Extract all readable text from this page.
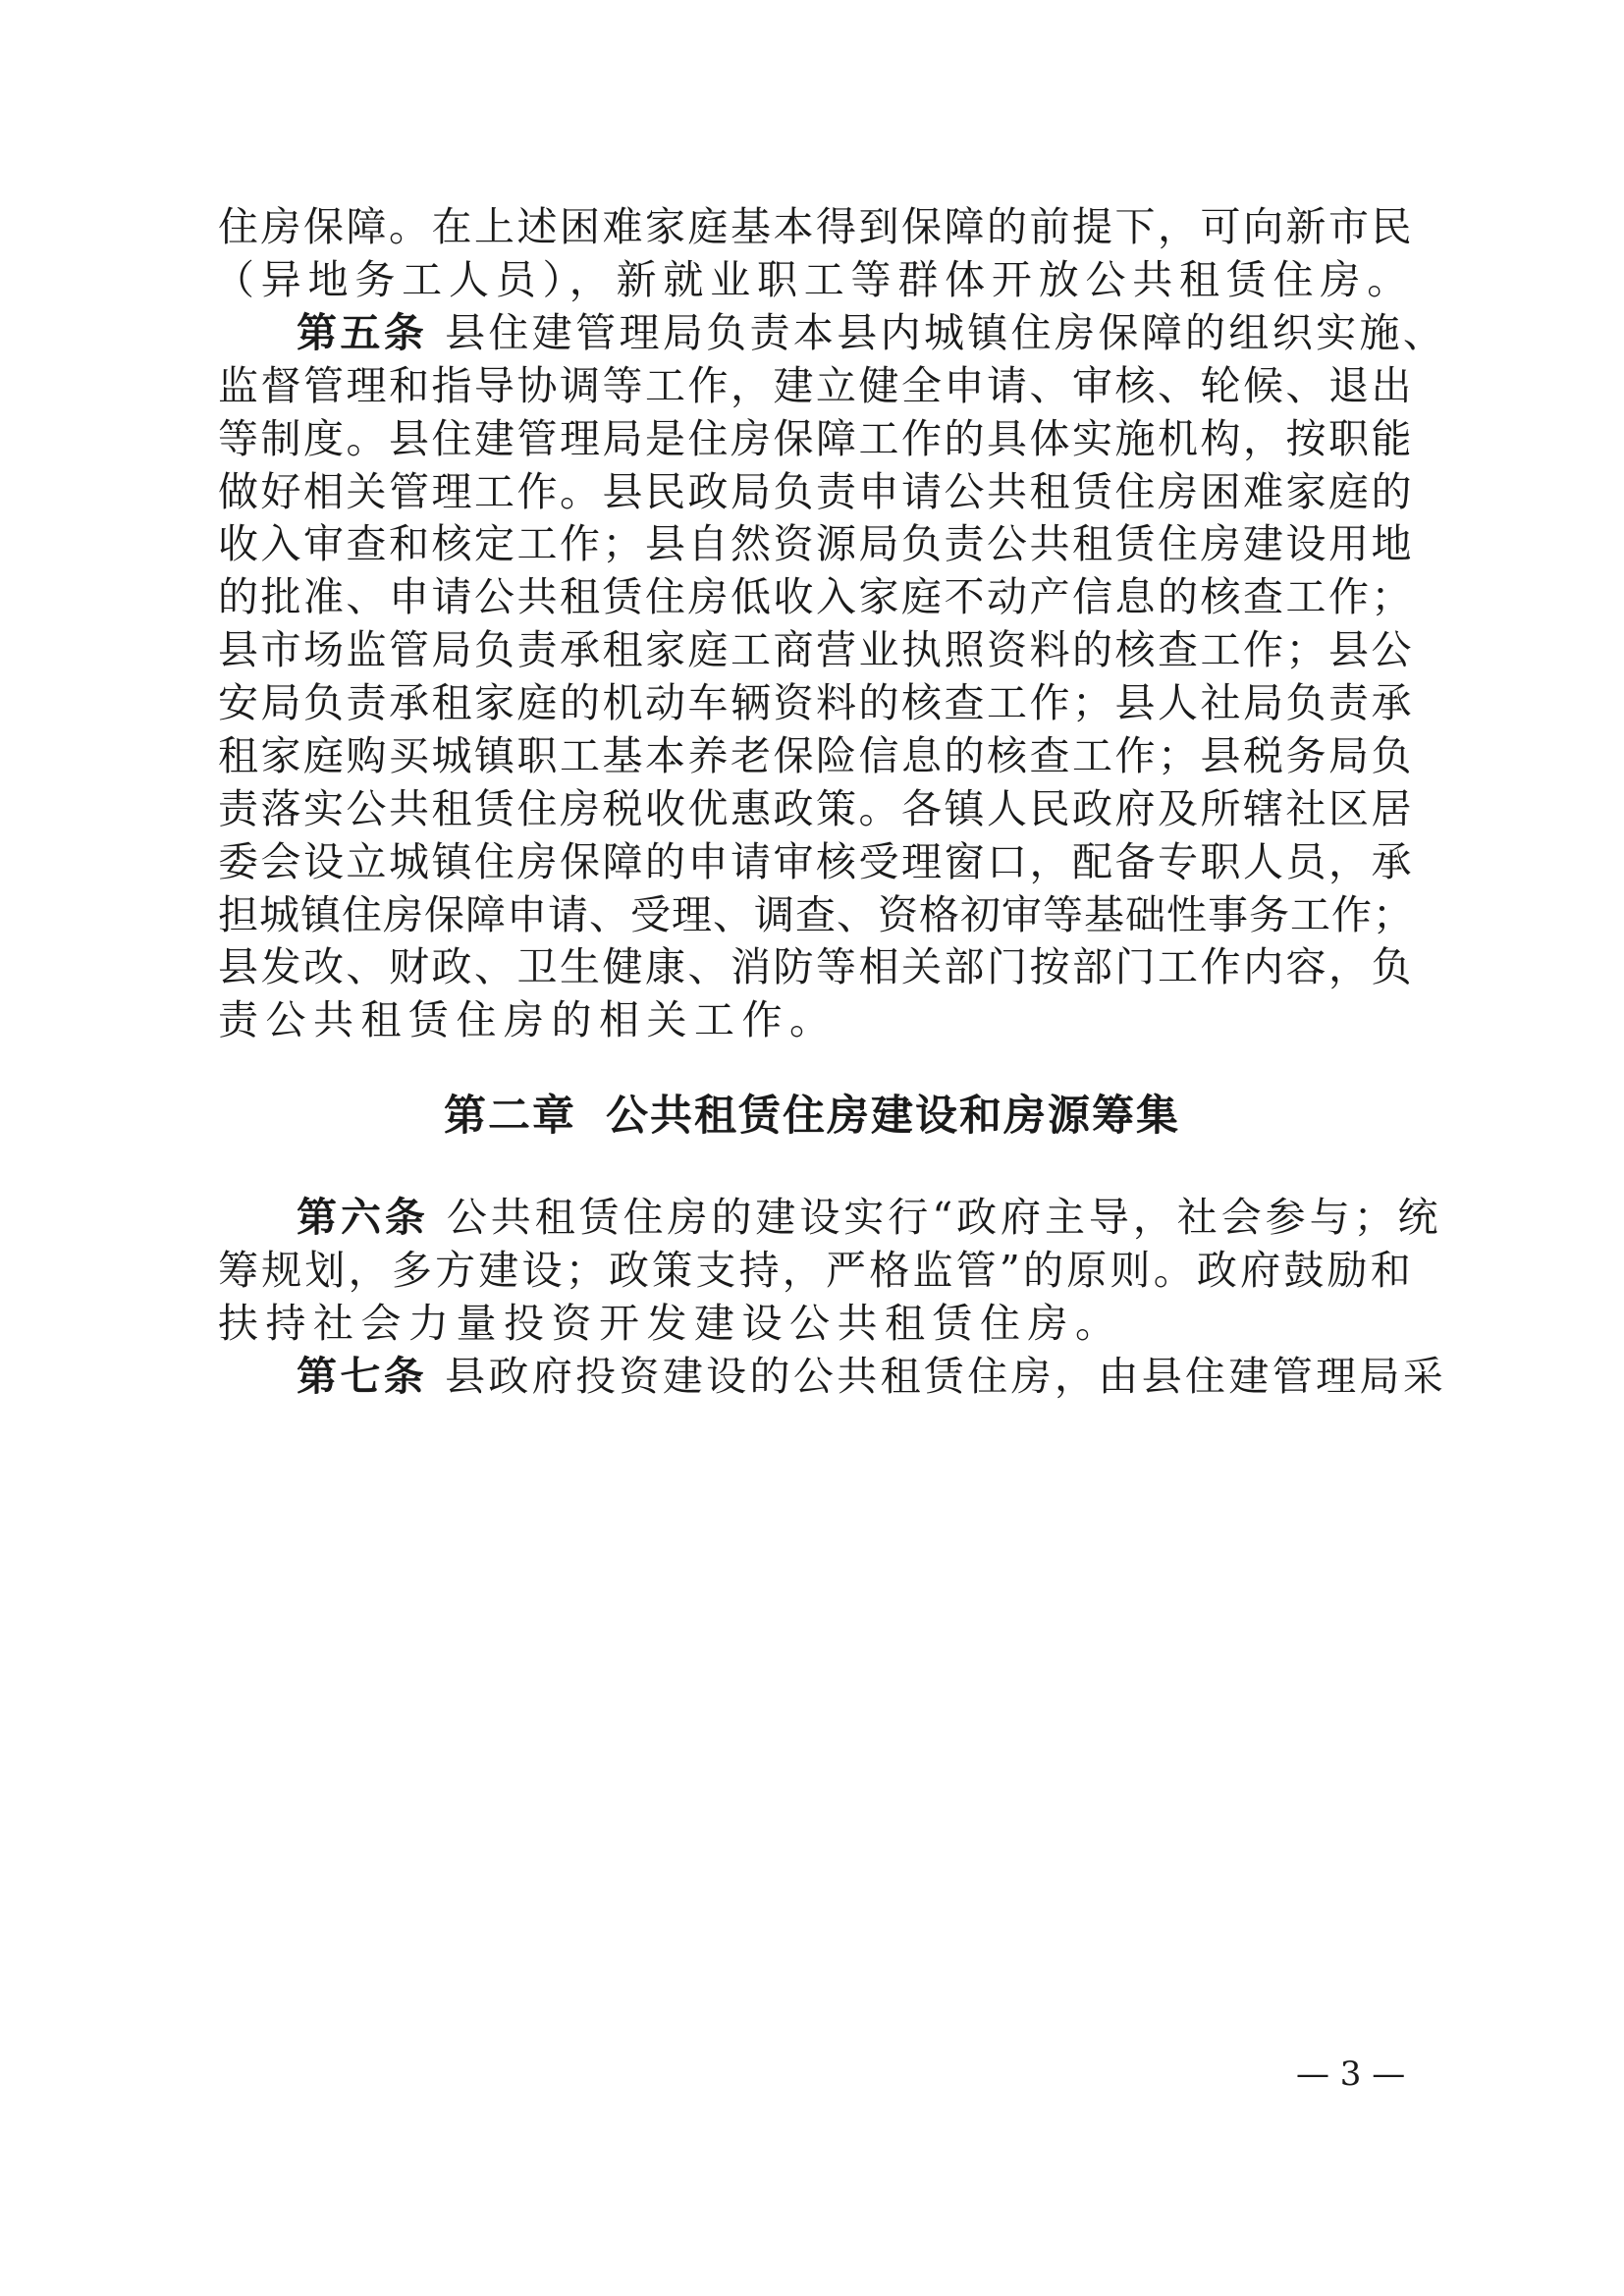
住房保障。在上述困难家庭基本得到保障的前提下，可向新市民
（异地务工人员），新就业职工等群体开放公共租赁住房。
第五条 县住建管理局负责本县内城镇住房保障的组织实施、
监督管理和指导协调等工作，建立健全申请、审核、轮候、退出
等制度。县住建管理局是住房保障工作的具体实施机构，按职能
做好相关管理工作。县民政局负责申请公共租赁住房困难家庭的
收入审查和核定工作；县自然资源局负责公共租赁住房建设用地
的批准、申请公共租赁住房低收入家庭不动产信息的核查工作；
县市场监管局负责承租家庭工商营业执照资料的核查工作；县公
安局负责承租家庭的机动车辆资料的核查工作；县人社局负责承
租家庭购买城镇职工基本养老保险信息的核查工作；县税务局负
责落实公共租赁住房税收优惠政策。各镇人民政府及所辖社区居
委会设立城镇住房保障的申请审核受理窗口，配备专职人员，承
担城镇住房保障申请、受理、调查、资格初审等基础性事务工作；
县发改、财政、卫生健康、消防等相关部门按部门工作内容，负
责公共租赁住房的相关工作。
第二章 公共租赁住房建设和房源筹集
第六条 公共租赁住房的建设实行“政府主导，社会参与；统
筹规划，多方建设；政策支持，严格监管”的原则。政府鼓励和
扶持社会力量投资开发建设公共租赁住房。
第七条 县政府投资建设的公共租赁住房，由县住建管理局采
— 3 —
